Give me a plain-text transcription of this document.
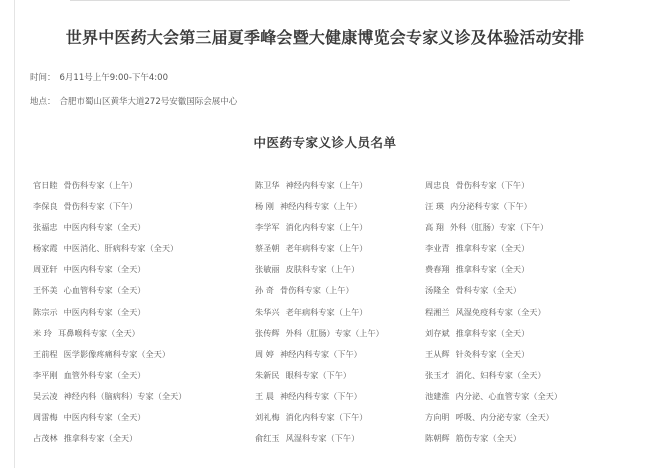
世界中医药大会第三届夏季峰会暨大健康博览会专家义诊及体验活动安排
时间： 6月11号上午9:00-下午4:00
地点： 合肥市蜀山区黄华大道272号安徽国际会展中心
中医药专家义诊人员名单
官日睦 骨伤科专家（上午）	陈卫华 神经内科专家（上午）	周忠良 骨伤科专家（下午）
李保良 骨伤科专家（下午）	杨 刚 神经内科专家（上午）	汪 瑛 内分泌科专家（下午）
张福忠 中医内科专家（全天）	李学军 消化内科专家（上午）	高 翔 外科（肛肠）专家（下午）
杨家霞 中医消化、肝病科专家（全天）	蔡圣朝 老年病科专家（上午）	李业青 推拿科专家（全天）
周亚轩 中医内科专家（全天）	张敏丽 皮肤科专家（上午）	费春翔 推拿科专家（全天）
王怀美 心血管科专家（全天）	孙 奇 骨伤科专家（上午）	汤隆全 骨科专家（全天）
陈宗示 中医内科专家（全天）	朱华兴 老年病科专家（上午）	程湘兰 风湿免疫科专家（全天）
米 玲 耳鼻喉科专家（全天）	张传辉 外科（肛肠）专家（上午）	刘存斌 推拿科专家（全天）
王前程 医学影像疼痛科专家（全天）	周 婷 神经内科专家（下午）	王从辉 针灸科专家（全天）
李平刚 血管外科专家（全天）	朱新民 眼科专家（下午）	张玉才 消化、妇科专家（全天）
吴云凌 神经内科（脑病科）专家（全天）	王 晨 神经内科专家（下午）	池建淮 内分泌、心血管专家（全天）
周雷梅 中医内科专家（全天）	刘礼梅 消化内科专家（下午）	方向明 呼吸、内分泌专家（全天）
占茂林 推拿科专家（全天）	俞红玉 风湿科专家（下午）	陈朝辉 筋伤专家（全天）
